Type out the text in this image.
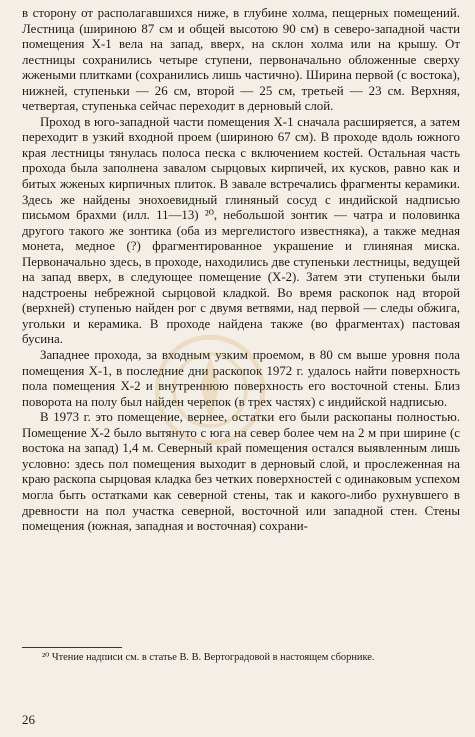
в сторону от располагавшихся ниже, в глубине холма, пещерных помещений. Лестница (шириною 87 см и общей высотою 90 см) в северо-западной части помещения Х-1 вела на запад, вверх, на склон холма или на крышу. От лестницы сохранились четыре ступени, первоначально обложенные сверху жжеными плитками (сохранились лишь частично). Ширина первой (с востока), нижней, ступеньки — 26 см, второй — 25 см, третьей — 23 см. Верхняя, четвертая, ступенька сейчас переходит в дерновый слой.

Проход в юго-западной части помещения Х-1 сначала расширяется, а затем переходит в узкий входной проем (шириною 67 см). В проходе вдоль южного края лестницы тянулась полоса песка с включением костей. Остальная часть прохода была заполнена завалом сырцовых кирпичей, их кусков, равно как и битых жженых кирпичных плиток. В завале встречались фрагменты керамики. Здесь же найдены энохоевидный глиняный сосуд с индийской надписью письмом брахми (илл. 11—13) ²⁰, небольшой зонтик — чатра и половинка другого такого же зонтика (оба из мергелистого известняка), а также медная монета, медное (?) фрагментированное украшение и глиняная миска. Первоначально здесь, в проходе, находились две ступеньки лестницы, ведущей на запад вверх, в следующее помещение (Х-2). Затем эти ступеньки были надстроены небрежной сырцовой кладкой. Во время раскопок над второй (верхней) ступенью найден рог с двумя ветвями, над первой — следы обжига, угольки и керамика. В проходе найдена также (во фрагментах) пастовая бусина.

Западнее прохода, за входным узким проемом, в 80 см выше уровня пола помещения Х-1, в последние дни раскопок 1972 г. удалось найти поверхность пола помещения Х-2 и внутреннюю поверхность его восточной стены. Близ поворота на полу был найден черепок (в трех частях) с индийской надписью.

В 1973 г. это помещение, вернее, остатки его были раскопаны полностью. Помещение Х-2 было вытянуто с юга на север более чем на 2 м при ширине (с востока на запад) 1,4 м. Северный край помещения остался выявленным лишь условно: здесь пол помещения выходит в дерновый слой, и прослеженная на краю раскопа сырцовая кладка без четких поверхностей с одинаковым успехом могла быть остатками как северной стены, так и какого-либо рухнувшего в древности на пол участка северной, восточной или западной стен. Стены помещения (южная, западная и восточная) сохрани-

²⁰ Чтение надписи см. в статье В. В. Вертоградовой в настоящем сборнике.

26
